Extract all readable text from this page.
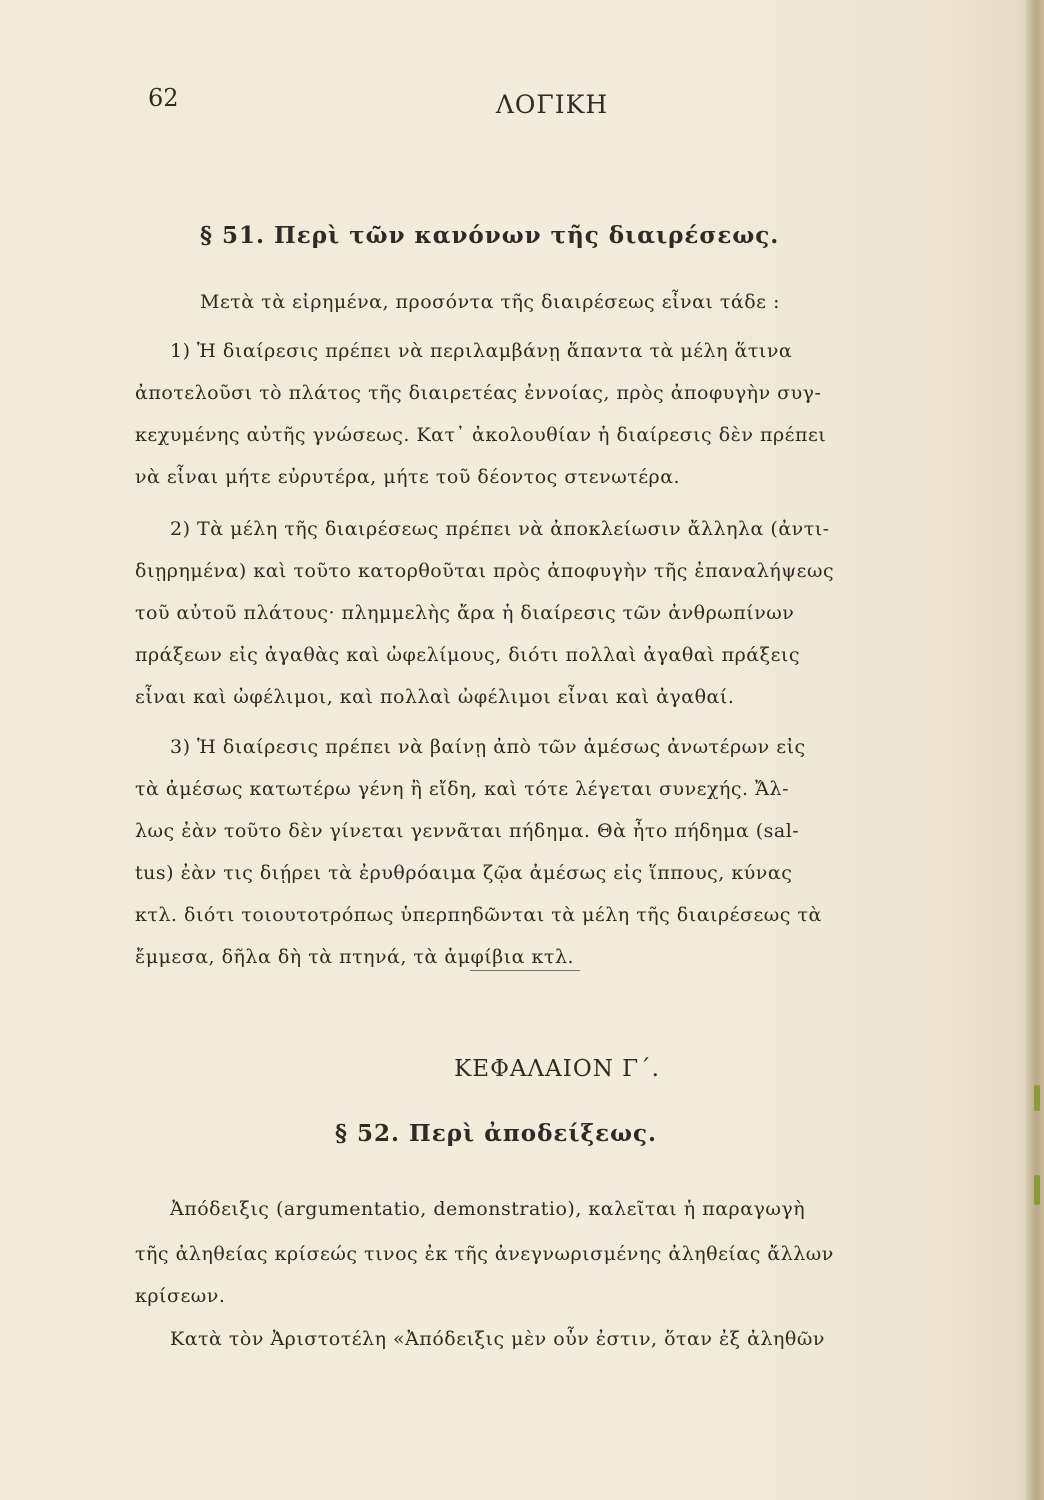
62	ΛΟΓΙΚΗ
§ 51. Περὶ τῶν κανόνων τῆς διαιρέσεως.
Μετὰ τὰ εἰρημένα, προσόντα τῆς διαιρέσεως εἶναι τάδε :
1) Ἡ διαίρεσις πρέπει νὰ περιλαμβάνῃ ἅπαντα τὰ μέλη ἅτινα
ἀποτελοῦσι τὸ πλάτος τῆς διαιρετέας ἐννοίας, πρὸς ἀποφυγὴν συγ-
κεχυμένης αὐτῆς γνώσεως. Κατ᾽ ἀκολουθίαν ἡ διαίρεσις δὲν πρέπει
νὰ εἶναι μήτε εὐρυτέρα, μήτε τοῦ δέοντος στενωτέρα.
2) Τὰ μέλη τῆς διαιρέσεως πρέπει νὰ ἀποκλείωσιν ἄλληλα (ἀντι-
διῃρημένα) καὶ τοῦτο κατορθοῦται πρὸς ἀποφυγὴν τῆς ἐπαναλήψεως
τοῦ αὐτοῦ πλάτους· πλημμελὴς ἄρα ἡ διαίρεσις τῶν ἀνθρωπίνων
πράξεων εἰς ἀγαθὰς καὶ ὠφελίμους, διότι πολλαὶ ἀγαθαὶ πράξεις
εἶναι καὶ ὠφέλιμοι, καὶ πολλαὶ ὠφέλιμοι εἶναι καὶ ἀγαθαί.
3) Ἡ διαίρεσις πρέπει νὰ βαίνῃ ἀπὸ τῶν ἀμέσως ἀνωτέρων εἰς
τὰ ἀμέσως κατωτέρω γένη ἢ εἴδη, καὶ τότε λέγεται συνεχής. Ἄλ-
λως ἐὰν τοῦτο δὲν γίνεται γεννᾶται πήδημα. Θὰ ἦτο πήδημα (sal-
tus) ἐὰν τις διῄρει τὰ ἐρυθρόαιμα ζῷα ἀμέσως εἰς ἵππους, κύνας
κτλ. διότι τοιουτοτρόπως ὑπερπηδῶνται τὰ μέλη τῆς διαιρέσεως τὰ
ἔμμεσα, δῆλα δὴ τὰ πτηνά, τὰ ἀμφίβια κτλ.
ΚΕΦΑΛΑΙΟΝ Γ΄.
§ 52. Περὶ ἀποδείξεως.
Ἀπόδειξις (argumentatio, demonstratio), καλεῖται ἡ παραγωγὴ
τῆς ἀληθείας κρίσεώς τινος ἐκ τῆς ἀνεγνωρισμένης ἀληθείας ἄλλων
κρίσεων.
Κατὰ τὸν Ἀριστοτέλη «Ἀπόδειξις μὲν οὖν ἐστιν, ὅταν ἐξ ἀληθῶν
